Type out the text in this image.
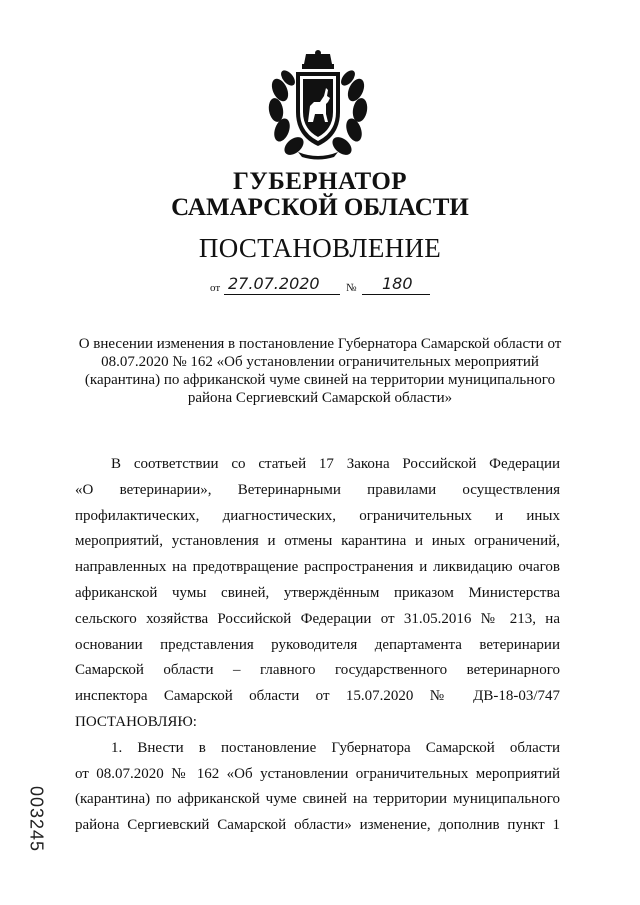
ГУБЕРНАТОР
САМАРСКОЙ ОБЛАСТИ
ПОСТАНОВЛЕНИЕ
от 27.07.2020 № 180
О внесении изменения в постановление Губернатора Самарской области от
08.07.2020 № 162 «Об установлении ограничительных мероприятий
(карантина) по африканской чуме свиней на территории муниципального
района Сергиевский Самарской области»
В соответствии со статьей 17 Закона Российской Федерации
«О ветеринарии», Ветеринарными правилами осуществления
профилактических, диагностических, ограничительных и иных
мероприятий, установления и отмены карантина и иных ограничений,
направленных на предотвращение распространения и ликвидацию очагов
африканской чумы свиней, утверждённым приказом Министерства
сельского хозяйства Российской Федерации от 31.05.2016 № 213, на
основании представления руководителя департамента ветеринарии
Самарской области – главного государственного ветеринарного
инспектора Самарской области от 15.07.2020 № ДВ-18-03/747
ПОСТАНОВЛЯЮ:
1. Внести в постановление Губернатора Самарской области
от 08.07.2020 № 162 «Об установлении ограничительных мероприятий
(карантина) по африканской чуме свиней на территории муниципального
района Сергиевский Самарской области» изменение, дополнив пункт 1
003245
